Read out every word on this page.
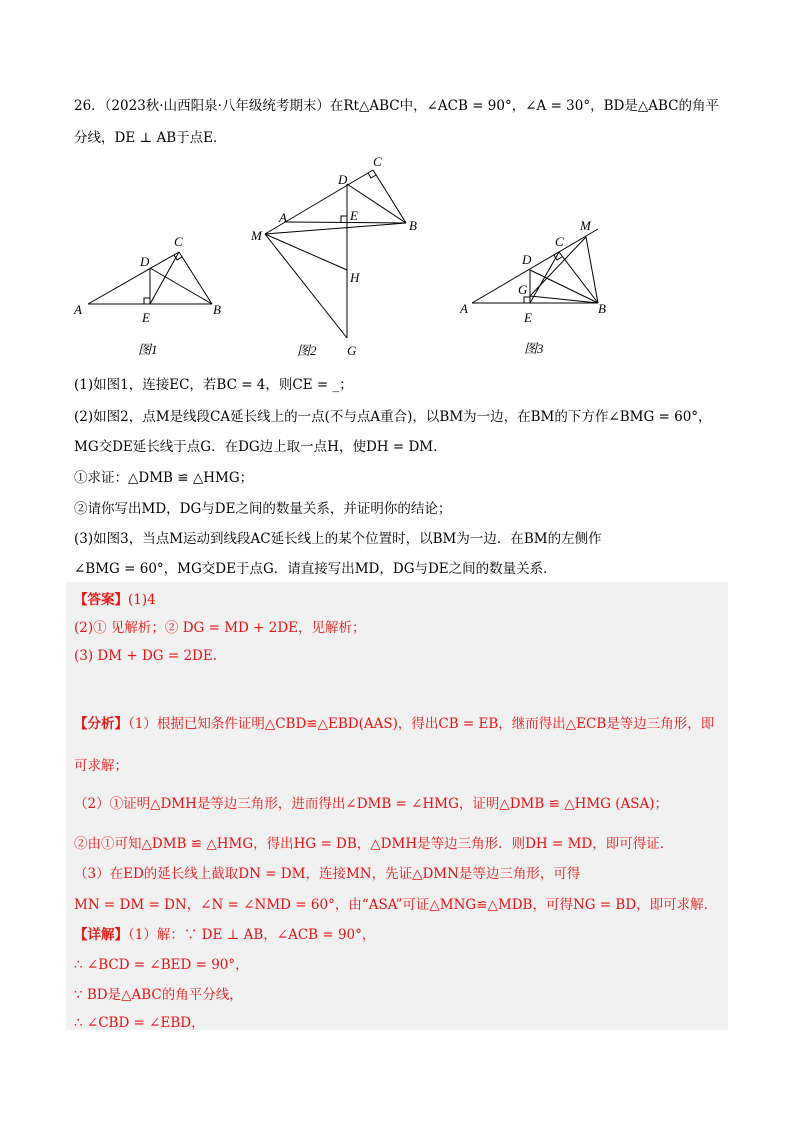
26．（2023秋·山西阳泉·八年级统考期末）在Rt△ABC中，∠ACB = 90°，∠A = 30°，BD是△ABC的角平
分线，DE ⊥ AB于点E．
A	B
C
D
E
图1
C
D
A	E
B
M
H
G
图2
A	B
C
D
E
M
G
图3
(1)如图1，连接EC，若BC = 4，则CE = _；
(2)如图2，点M是线段CA延长线上的一点(不与点A重合)，以BM为一边，在BM的下方作∠BMG = 60°，
MG交DE延长线于点G．在DG边上取一点H，使DH = DM．
①求证：△DMB ≌ △HMG；
②请你写出MD，DG与DE之间的数量关系，并证明你的结论；
(3)如图3，当点M运动到线段AC延长线上的某个位置时，以BM为一边．在BM的左侧作
∠BMG = 60°，MG交DE于点G．请直接写出MD，DG与DE之间的数量关系．
【答案】(1)4
(2)① 见解析；② DG = MD + 2DE，见解析；
(3) DM + DG = 2DE．
【分析】（1）根据已知条件证明△CBD≌△EBD(AAS)，得出CB = EB，继而得出△ECB是等边三角形，即
可求解；
（2）①证明△DMH是等边三角形，进而得出∠DMB = ∠HMG，证明△DMB ≌ △HMG (ASA)；
②由①可知△DMB ≌ △HMG，得出HG = DB，△DMH是等边三角形．则DH = MD，即可得证．
（3）在ED的延长线上截取DN = DM，连接MN，先证△DMN是等边三角形，可得
MN = DM = DN，∠N = ∠NMD = 60°，由“ASA”可证△MNG≌△MDB，可得NG = BD，即可求解．
【详解】（1）解：∵ DE ⊥ AB，∠ACB = 90°，
∴ ∠BCD = ∠BED = 90°，
∵ BD是△ABC的角平分线，
∴ ∠CBD = ∠EBD，
